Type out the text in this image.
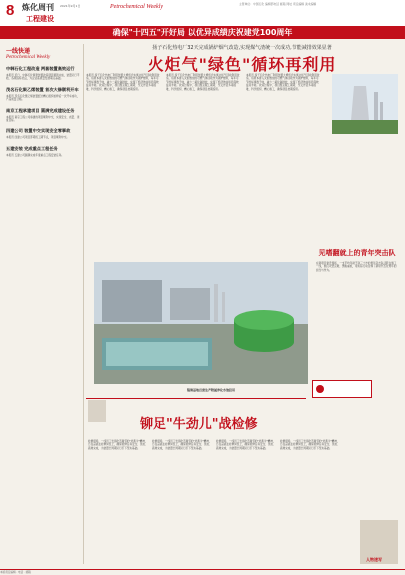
8 炼化周刊
工程建设
2021年9月1日	Petrochemical Weekly	主管单位：中国石化 编辑部电话 邮箱 网址 责任编辑 美术编辑
确保"十四五"开好局 以优异成绩庆祝建党100周年
一线快递
Petrochemical Weekly
中韩石化工程改造 两套装置高效运行

本报讯 近日，中韩石化两套装置改造项目顺利完成，装置运行平稳，各项指标优良，为企业高质量发展奠定基础。

茂名石化聚乙烯装置 首次大修顺利开车

本报讯 茂名石化聚乙烯装置经过精心组织检修后一次开车成功，产品质量合格。

南京工程承建项目 圆满完成建设任务

本报讯 南京工程公司承建的项目顺利中交，实现安全、质量、进度目标。

四建公司 装置中交实现安全零事故

本报讯 四建公司项目部紧抓工期节点，项目顺利中交。

五建安装 完成重点工程任务

本报讯 五建公司圆满完成年度重点工程安装任务。

扬子石化热电厂32天完成锅炉烟气改造,实现煤气渣统一次成功,节能减排效果显著
火炬气"绿色"循环再利用
本报讯 扬子石化热电厂利用装置大修机会实施火炬气回收利用改造，将原本排入火炬燃烧的可燃气体回收作为锅炉燃料，每年可节约标煤数千吨，减少二氧化碳排放，实现了经济效益和环保效益双丰收。改造过程中，项目组克服工期紧、交叉作业多等困难，科学组织、精心施工，确保项目按期投用。
本报讯 扬子石化热电厂利用装置大修机会实施火炬气回收利用改造，将原本排入火炬燃烧的可燃气体回收作为锅炉燃料，每年可节约标煤数千吨，减少二氧化碳排放，实现了经济效益和环保效益双丰收。改造过程中，项目组克服工期紧、交叉作业多等困难，科学组织、精心施工，确保项目按期投用。
本报讯 扬子石化热电厂利用装置大修机会实施火炬气回收利用改造，将原本排入火炬燃烧的可燃气体回收作为锅炉燃料，每年可节约标煤数千吨，减少二氧化碳排放，实现了经济效益和环保效益双丰收。改造过程中，项目组克服工期紧、交叉作业多等困难，科学组织、精心施工，确保项目按期投用。
镇海基地首套生产附属净化水池投用
铆足"牛劲儿"战检修
检修现场，一线员工发扬吃苦耐劳的"老黄牛"精神，日夜奋战在检修岗位上，确保检修任务安全、优质、高效完成，为装置长周期运行打下坚实基础。
检修现场，一线员工发扬吃苦耐劳的"老黄牛"精神，日夜奋战在检修岗位上，确保检修任务安全、优质、高效完成，为装置长周期运行打下坚实基础。
检修现场，一线员工发扬吃苦耐劳的"老黄牛"精神，日夜奋战在检修岗位上，确保检修任务安全、优质、高效完成，为装置长周期运行打下坚实基础。
检修现场，一线员工发扬吃苦耐劳的"老黄牛"精神，日夜奋战在检修岗位上，确保检修任务安全、优质、高效完成，为装置长周期运行打下坚实基础。
见嗜翻就上的青年突击队
在新项目建设现场，一支平均年龄不到三十岁的青年突击队活跃在施工一线，他们攻坚克难、勇挑重担，用实际行动诠释了新时代石化青年的担当与作为。
人物速写
本版责任编辑 · 电话 · 邮箱
